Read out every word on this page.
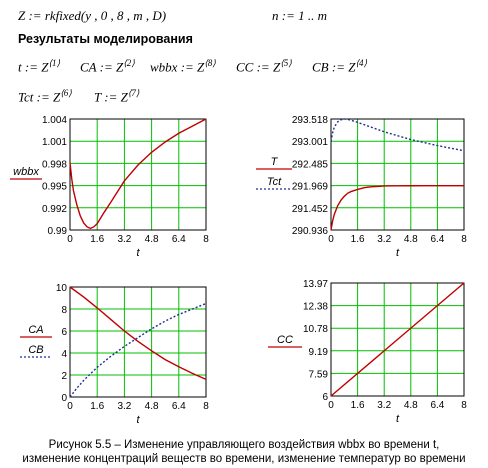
Z := rkfixed(y , 0 , 8 , m , D)	n := 1 .. m
Результаты моделирования
t := $Z^{⟨1⟩}$ CA := $Z^{⟨2⟩}$ wbbx := $Z^{⟨8⟩}$ CC := $Z^{⟨5⟩}$ CB := $Z^{⟨4⟩}$
Tct := $Z^{⟨6⟩}$ T := $Z^{⟨7⟩}$
0 1.6 3.2 4.8 6.4 8
1.004
1.001
0.998
0.995
0.992
0.99
t
wbbx
0 1.6 3.2 4.8 6.4 8
293.518
293.001
292.485
291.969
291.452
290.936
t
T
Tct
0 1.6 3.2 4.8 6.4 8
10
8
6
4
2
0
t
CA
CB
0 1.6 3.2 4.8 6.4 8
13.97
12.38
10.78
9.19
7.59
6
t
CC
Рисунок 5.5 – Изменение управляющего воздействия wbbx во времени t,
изменение концентраций веществ во времени, изменение температур во времени
